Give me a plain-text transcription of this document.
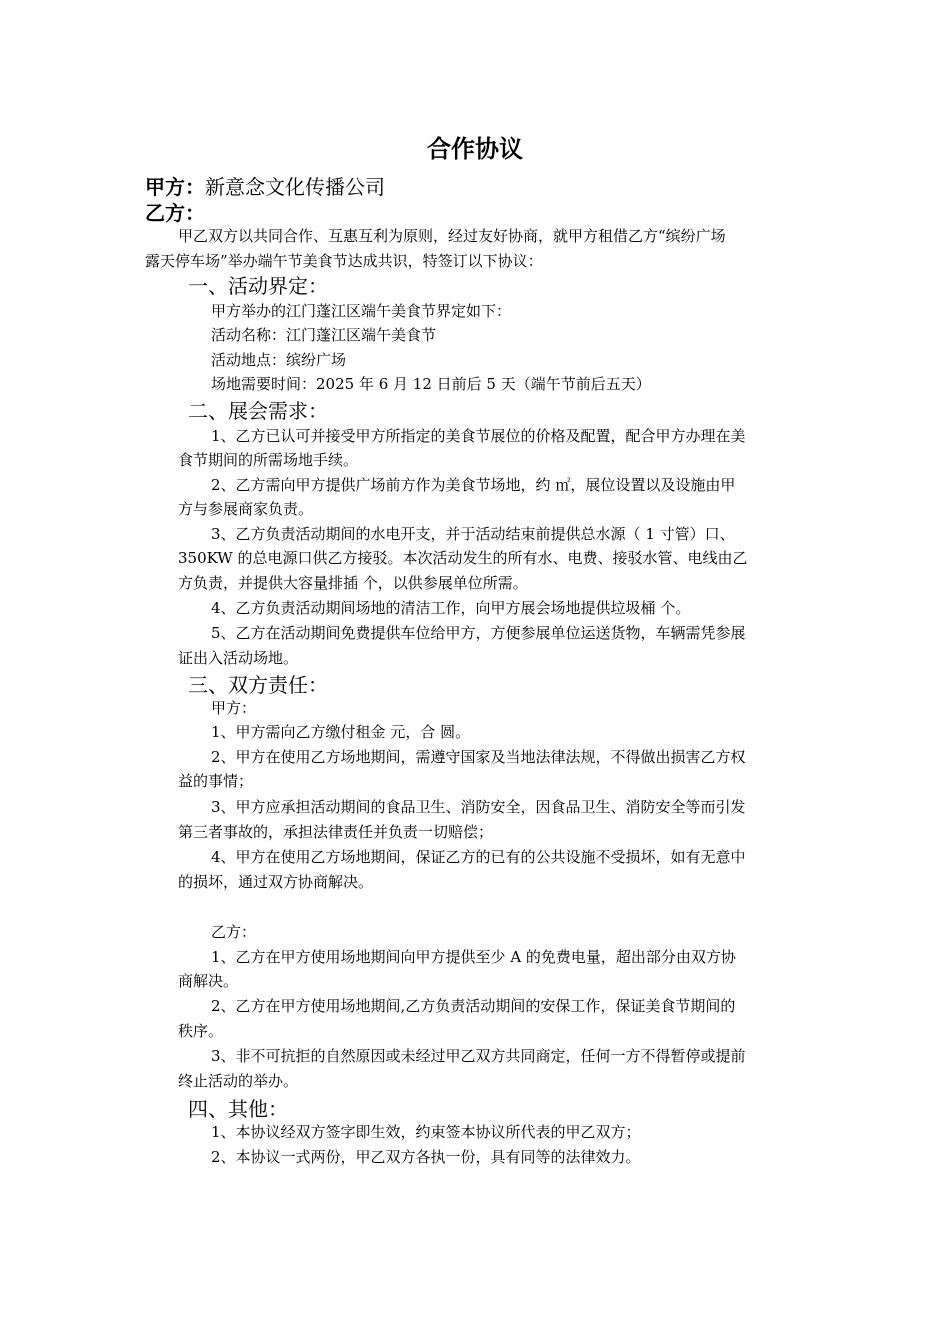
合作协议
甲方：新意念文化传播公司
乙方：
甲乙双方以共同合作、互惠互利为原则，经过友好协商，就甲方租借乙方“缤纷广场
露天停车场”举办端午节美食节达成共识，特签订以下协议：
一、活动界定：
甲方举办的江门蓬江区端午美食节界定如下：
活动名称：江门蓬江区端午美食节
活动地点：缤纷广场
场地需要时间：2025 年 6 月 12 日前后 5 天（端午节前后五天）
二、展会需求：
1、乙方已认可并接受甲方所指定的美食节展位的价格及配置，配合甲方办理在美
食节期间的所需场地手续。
2、乙方需向甲方提供广场前方作为美食节场地，约 ㎡，展位设置以及设施由甲
方与参展商家负责。
3、乙方负责活动期间的水电开支，并于活动结束前提供总水源（ 1 寸管）口、
350KW 的总电源口供乙方接驳。本次活动发生的所有水、电费、接驳水管、电线由乙
方负责，并提供大容量排插 个，以供参展单位所需。
4、乙方负责活动期间场地的清洁工作，向甲方展会场地提供垃圾桶 个。
5、乙方在活动期间免费提供车位给甲方，方便参展单位运送货物，车辆需凭参展
证出入活动场地。
三、双方责任：
甲方：
1、甲方需向乙方缴付租金 元，合 圆。
2、甲方在使用乙方场地期间，需遵守国家及当地法律法规，不得做出损害乙方权
益的事情；
3、甲方应承担活动期间的食品卫生、消防安全，因食品卫生、消防安全等而引发
第三者事故的，承担法律责任并负责一切赔偿；
4、甲方在使用乙方场地期间，保证乙方的已有的公共设施不受损坏，如有无意中
的损坏，通过双方协商解决。
乙方：
1、乙方在甲方使用场地期间向甲方提供至少 A 的免费电量，超出部分由双方协
商解决。
2、乙方在甲方使用场地期间,乙方负责活动期间的安保工作，保证美食节期间的
秩序。
3、非不可抗拒的自然原因或未经过甲乙双方共同商定，任何一方不得暂停或提前
终止活动的举办。
四、其他：
1、本协议经双方签字即生效，约束签本协议所代表的甲乙双方；
2、本协议一式两份，甲乙双方各执一份，具有同等的法律效力。
